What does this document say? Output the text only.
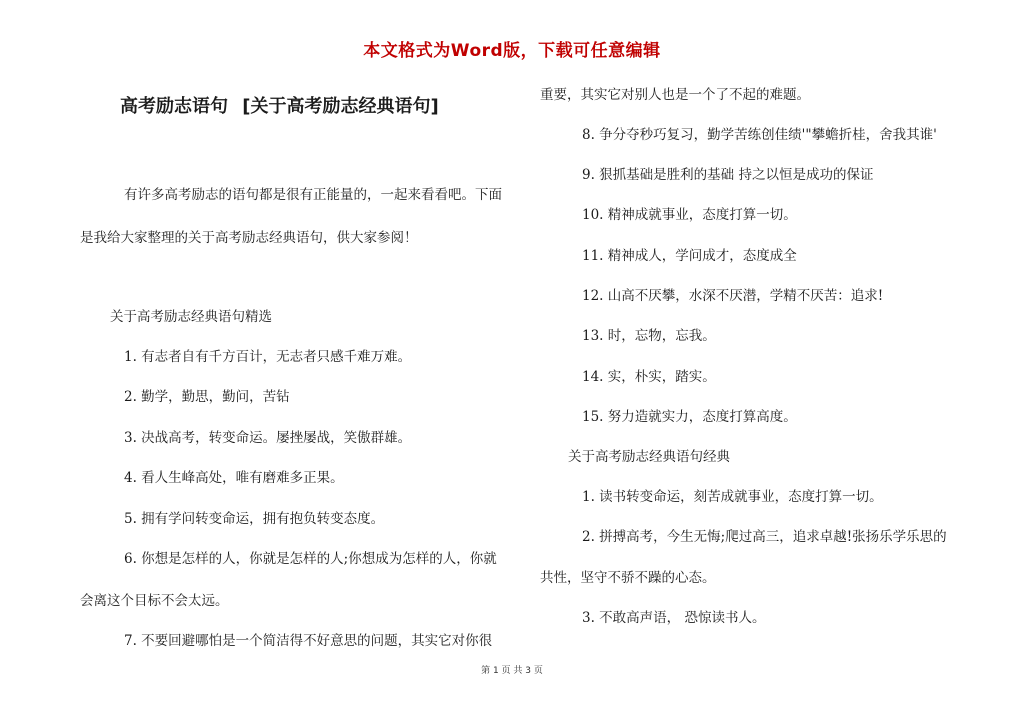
本文格式为Word版，下载可任意编辑
高考励志语句 [关于高考励志经典语句]
有许多高考励志的语句都是很有正能量的，一起来看看吧。下面
是我给大家整理的关于高考励志经典语句，供大家参阅！
关于高考励志经典语句精选
1. 有志者自有千方百计，无志者只感千难万难。
2. 勤学，勤思，勤问，苦钻
3. 决战高考，转变命运。屡挫屡战，笑傲群雄。
4. 看人生峰高处，唯有磨难多正果。
5. 拥有学问转变命运，拥有抱负转变态度。
6. 你想是怎样的人，你就是怎样的人;你想成为怎样的人，你就
会离这个目标不会太远。
7. 不要回避哪怕是一个简洁得不好意思的问题，其实它对你很
重要，其实它对别人也是一个了不起的难题。
8. 争分夺秒巧复习，勤学苦练创佳绩'"攀蟾折桂，舍我其谁'
9. 狠抓基础是胜利的基础 持之以恒是成功的保证
10. 精神成就事业，态度打算一切。
11. 精神成人，学问成才，态度成全
12. 山高不厌攀，水深不厌潜，学精不厌苦：追求!
13. 时，忘物，忘我。
14. 实，朴实，踏实。
15. 努力造就实力，态度打算高度。
关于高考励志经典语句经典
1. 读书转变命运，刻苦成就事业，态度打算一切。
2. 拼搏高考，今生无悔;爬过高三，追求卓越!张扬乐学乐思的
共性，坚守不骄不躁的心态。
3. 不敢高声语， 恐惊读书人。
第 1 页 共 3 页
